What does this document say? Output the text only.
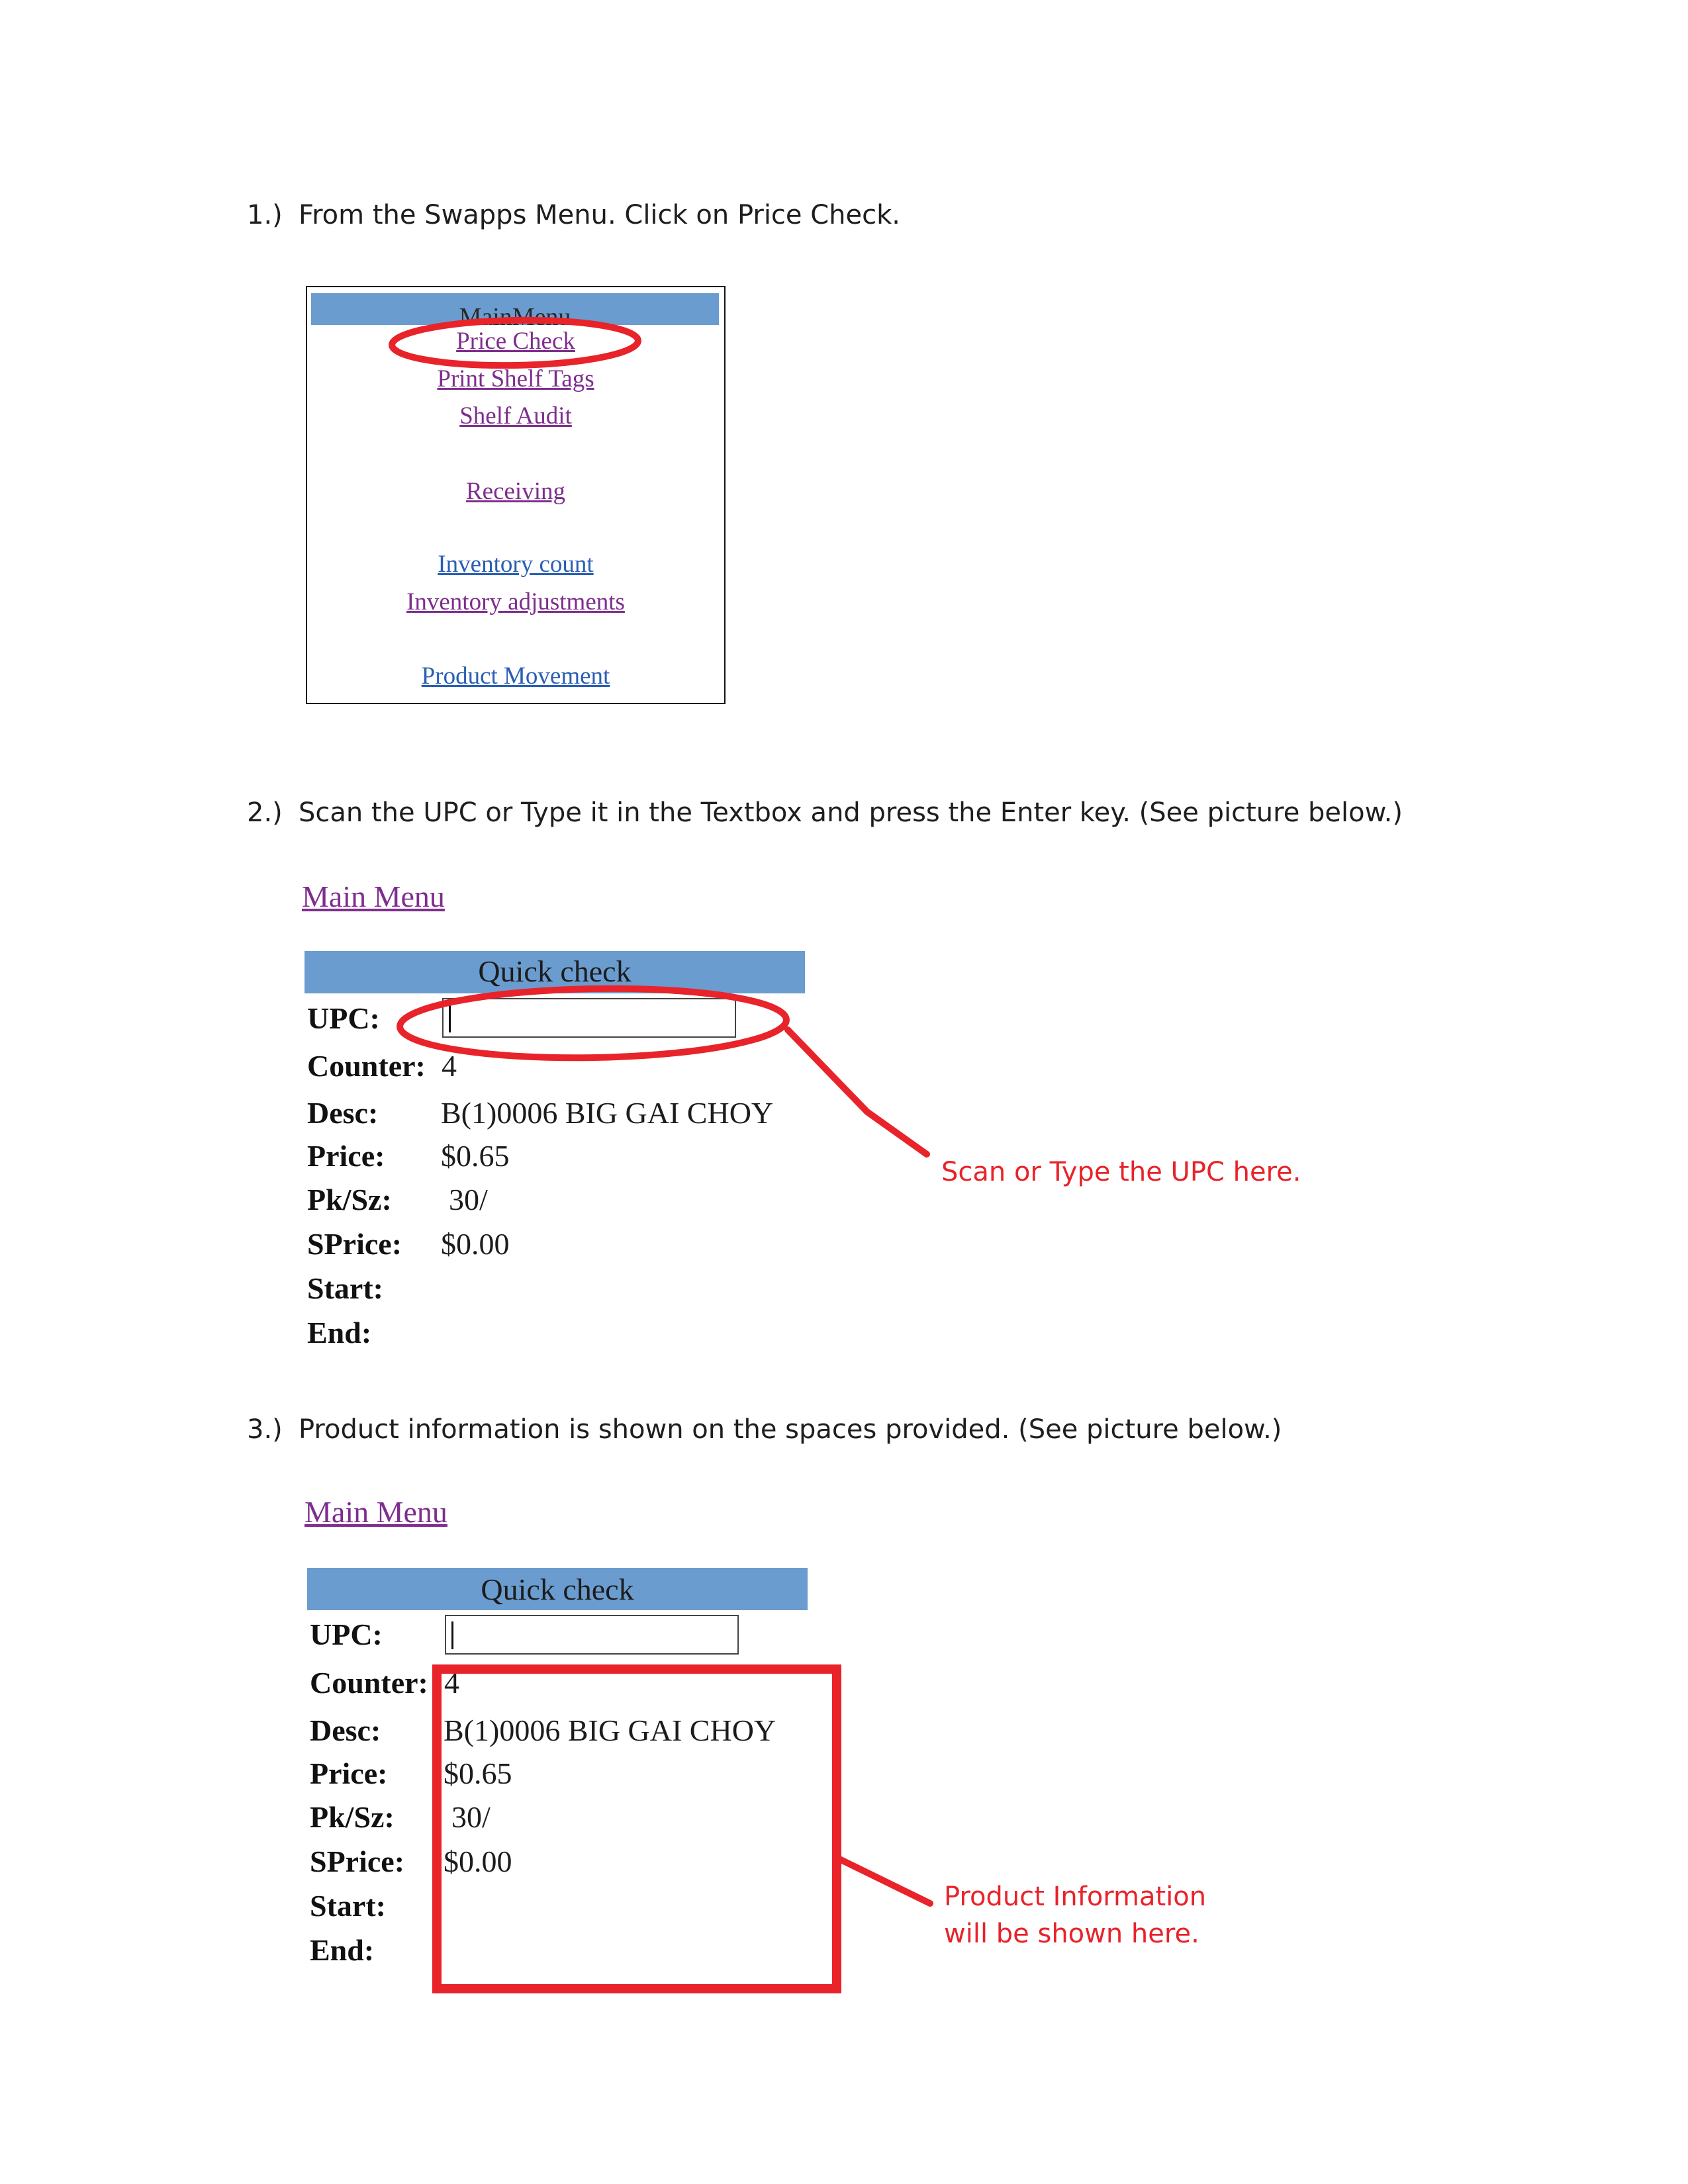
1.) From the Swapps Menu. Click on Price Check.
MainMenu
Price Check
Print Shelf Tags
Shelf Audit
Receiving
Inventory count
Inventory adjustments
Product Movement
2.) Scan the UPC or Type it in the Textbox and press the Enter key. (See picture below.)
Main Menu
Quick check
UPC:
Counter: 4
Desc: B(1)0006 BIG GAI CHOY
Price: $0.65
Pk/Sz: 30/
SPrice: $0.00
Start:
End:
Scan or Type the UPC here.
3.) Product information is shown on the spaces provided. (See picture below.)
Main Menu
Quick check
UPC:
Counter: 4
Desc: B(1)0006 BIG GAI CHOY
Price: $0.65
Pk/Sz: 30/
SPrice: $0.00
Start:
End:
Product Information
will be shown here.
